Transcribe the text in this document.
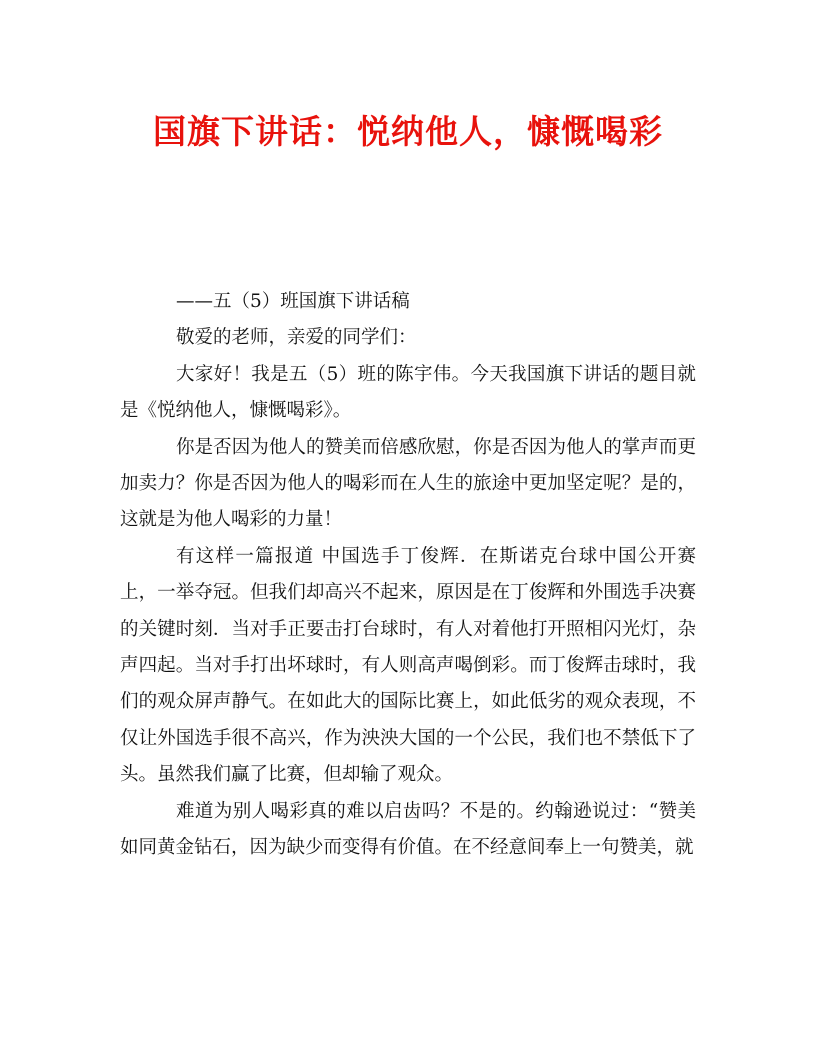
国旗下讲话：悦纳他人，慷慨喝彩

——五（5）班国旗下讲话稿

敬爱的老师，亲爱的同学们：

大家好！我是五（5）班的陈宇伟。今天我国旗下讲话的题目就是《悦纳他人，慷慨喝彩》。

你是否因为他人的赞美而倍感欣慰，你是否因为他人的掌声而更加卖力？你是否因为他人的喝彩而在人生的旅途中更加坚定呢？是的，这就是为他人喝彩的力量！

有这样一篇报道 中国选手丁俊辉．在斯诺克台球中国公开赛上，一举夺冠。但我们却高兴不起来，原因是在丁俊辉和外围选手决赛的关键时刻．当对手正要击打台球时，有人对着他打开照相闪光灯，杂声四起。当对手打出坏球时，有人则高声喝倒彩。而丁俊辉击球时，我们的观众屏声静气。在如此大的国际比赛上，如此低劣的观众表现，不仅让外国选手很不高兴，作为泱泱大国的一个公民，我们也不禁低下了头。虽然我们赢了比赛，但却输了观众。

难道为别人喝彩真的难以启齿吗？不是的。约翰逊说过：“赞美如同黄金钻石，因为缺少而变得有价值。在不经意间奉上一句赞美，就
